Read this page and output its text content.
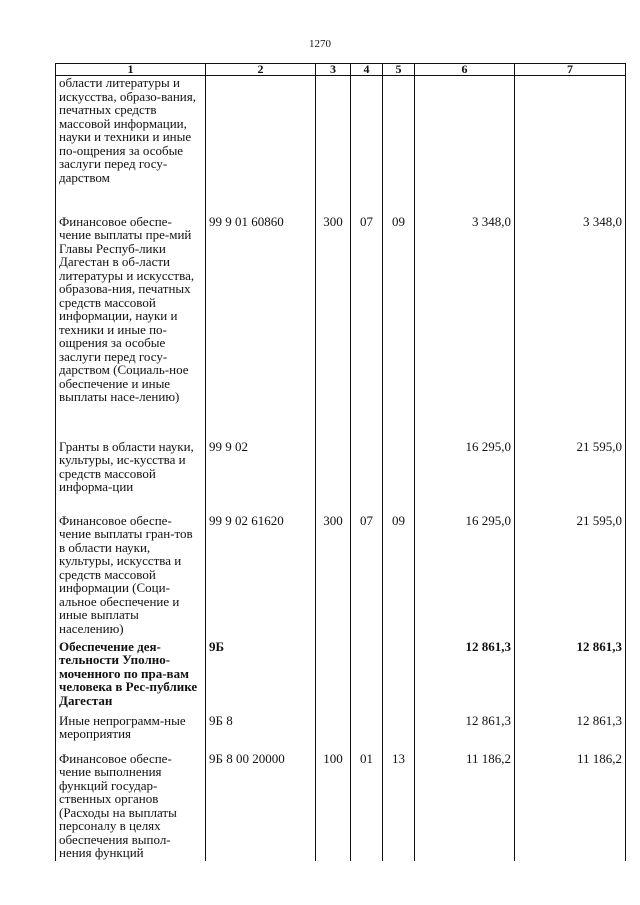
1270
1	2	3	4	5	6	7
области литературы и искусства, образо-вания, печатных средств массовой информации, науки и техники и иные по-ощрения за особые заслуги перед госу-дарством						
Финансовое обеспе-чение выплаты пре-мий Главы Респуб-лики Дагестан в об-ласти литературы и искусства, образова-ния, печатных средств массовой информации, науки и техники и иные по-ощрения за особые заслуги перед госу-дарством (Социаль-ное обеспечение и иные выплаты насе-лению)	99 9 01 60860	300	07	09	3 348,0	3 348,0
Гранты в области науки, культуры, ис-кусства и средств массовой информа-ции	99 9 02				16 295,0	21 595,0
Финансовое обеспе-чение выплаты гран-тов в области науки, культуры, искусства и средств массовой информации (Соци-альное обеспечение и иные выплаты населению)	99 9 02 61620	300	07	09	16 295,0	21 595,0
Обеспечение дея-тельности Уполно-моченного по пра-вам человека в Рес-публике Дагестан	9Б				12 861,3	12 861,3
Иные непрограмм-ные мероприятия	9Б 8				12 861,3	12 861,3
Финансовое обеспе-чение выполнения функций государ-ственных органов (Расходы на выплаты персоналу в целях обеспечения выпол-нения функций	9Б 8 00 20000	100	01	13	11 186,2	11 186,2
